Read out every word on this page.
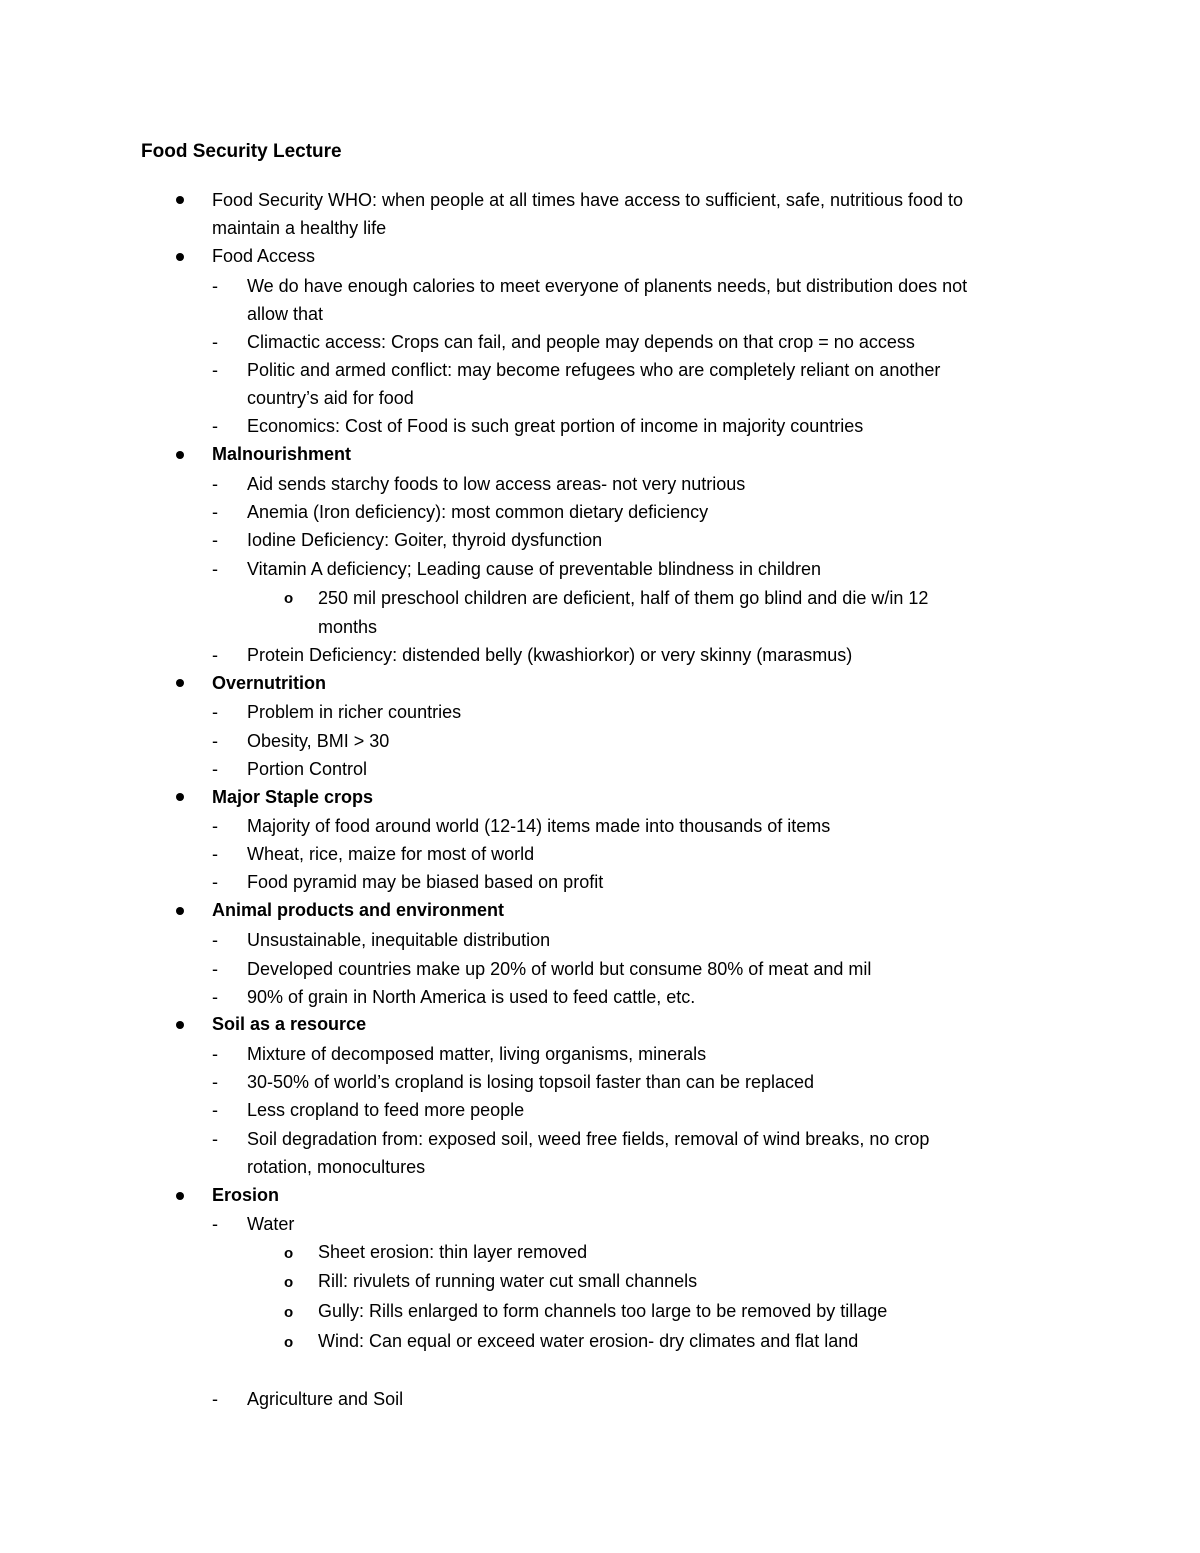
Food Security Lecture
Food Security WHO: when people at all times have access to sufficient, safe, nutritious food to
maintain a healthy life
Food Access
- We do have enough calories to meet everyone of planents needs, but distribution does not
allow that
- Climactic access: Crops can fail, and people may depends on that crop = no access
- Politic and armed conflict: may become refugees who are completely reliant on another
country’s aid for food
- Economics: Cost of Food is such great portion of income in majority countries
Malnourishment
- Aid sends starchy foods to low access areas- not very nutrious
- Anemia (Iron deficiency): most common dietary deficiency
- Iodine Deficiency: Goiter, thyroid dysfunction
- Vitamin A deficiency; Leading cause of preventable blindness in children
o 250 mil preschool children are deficient, half of them go blind and die w/in 12
months
- Protein Deficiency: distended belly (kwashiorkor) or very skinny (marasmus)
Overnutrition
- Problem in richer countries
- Obesity, BMI > 30
- Portion Control
Major Staple crops
- Majority of food around world (12-14) items made into thousands of items
- Wheat, rice, maize for most of world
- Food pyramid may be biased based on profit
Animal products and environment
- Unsustainable, inequitable distribution
- Developed countries make up 20% of world but consume 80% of meat and mil
- 90% of grain in North America is used to feed cattle, etc.
Soil as a resource
- Mixture of decomposed matter, living organisms, minerals
- 30-50% of world’s cropland is losing topsoil faster than can be replaced
- Less cropland to feed more people
- Soil degradation from: exposed soil, weed free fields, removal of wind breaks, no crop
rotation, monocultures
Erosion
- Water
o Sheet erosion: thin layer removed
o Rill: rivulets of running water cut small channels
o Gully: Rills enlarged to form channels too large to be removed by tillage
o Wind: Can equal or exceed water erosion- dry climates and flat land
- Agriculture and Soil
